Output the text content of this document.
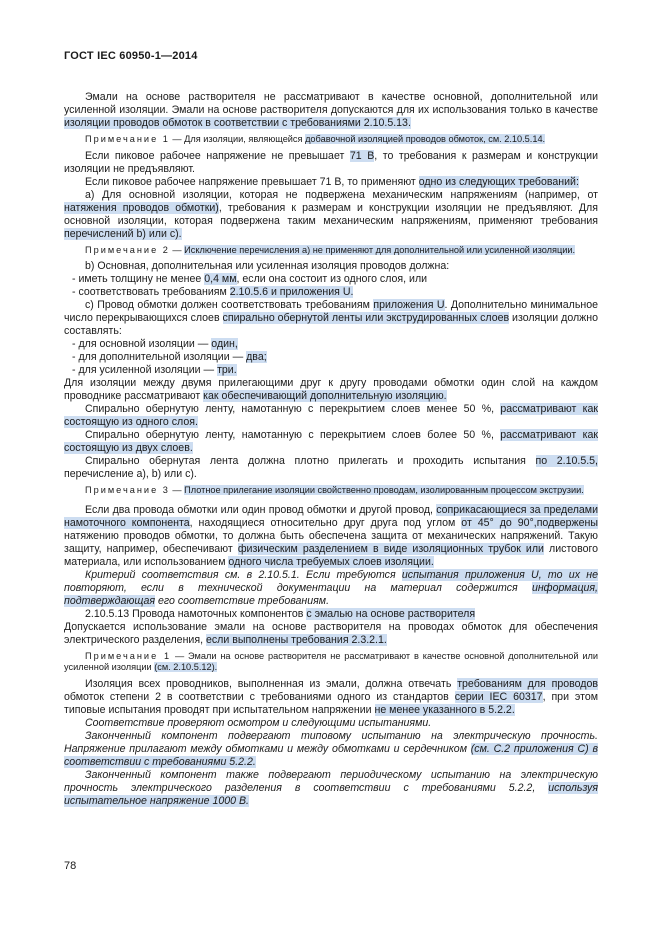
ГОСТ IEC 60950-1—2014

Эмали на основе растворителя не рассматривают в качестве основной, дополнительной или усиленной изоляции. Эмали на основе растворителя допускаются для их использования только в качестве изоляции проводов обмоток в соответствии с требованиями 2.10.5.13.

Примечание 1 — Для изоляции, являющейся добавочной изоляцией проводов обмоток, см. 2.10.5.14.

Если пиковое рабочее напряжение не превышает 71 В, то требования к размерам и конструкции изоляции не предъявляют.

Если пиковое рабочее напряжение превышает 71 В, то применяют одно из следующих требований:

a) Для основной изоляции, которая не подвержена механическим напряжениям (например, от натяжения проводов обмотки), требования к размерам и конструкции изоляции не предъявляют. Для основной изоляции, которая подвержена таким механическим напряжениям, применяют требования перечислений b) или c).

Примечание 2 — Исключение перечисления a) не применяют для дополнительной или усиленной изоляции.

b) Основная, дополнительная или усиленная изоляция проводов должна:

- иметь толщину не менее 0,4 мм, если она состоит из одного слоя, или

- соответствовать требованиям 2.10.5.6 и приложения U.

c) Провод обмотки должен соответствовать требованиям приложения U. Дополнительно минимальное число перекрывающихся слоев спирально обернутой ленты или экструдированных слоев изоляции должно составлять:

- для основной изоляции — один,

- для дополнительной изоляции — два;

- для усиленной изоляции — три.

Для изоляции между двумя прилегающими друг к другу проводами обмотки один слой на каждом проводнике рассматривают как обеспечивающий дополнительную изоляцию.

Спирально обернутую ленту, намотанную с перекрытием слоев менее 50 %, рассматривают как состоящую из одного слоя.

Спирально обернутую ленту, намотанную с перекрытием слоев более 50 %, рассматривают как состоящую из двух слоев.

Спирально обернутая лента должна плотно прилегать и проходить испытания по 2.10.5.5, перечисление a), b) или c).

Примечание 3 — Плотное прилегание изоляции свойственно проводам, изолированным процессом экструзии.

Если два провода обмотки или один провод обмотки и другой провод, соприкасающиеся за пределами намоточного компонента, находящиеся относительно друг друга под углом от 45° до 90°,подвержены натяжению проводов обмотки, то должна быть обеспечена защита от механических напряжений. Такую защиту, например, обеспечивают физическим разделением в виде изоляционных трубок или листового материала, или использованием одного числа требуемых слоев изоляции.

Критерий соответствия см. в 2.10.5.1. Если требуются испытания приложения U, то их не повторяют, если в технической документации на материал содержится информация, подтверждающая его соответствие требованиям.

2.10.5.13 Провода намоточных компонентов с эмалью на основе растворителя

Допускается использование эмали на основе растворителя на проводах обмоток для обеспечения электрического разделения, если выполнены требования 2.3.2.1.

Примечание 1 — Эмали на основе растворителя не рассматривают в качестве основной дополнительной или усиленной изоляции (см. 2.10.5.12).

Изоляция всех проводников, выполненная из эмали, должна отвечать требованиям для проводов обмоток степени 2 в соответствии с требованиями одного из стандартов серии IEC 60317, при этом типовые испытания проводят при испытательном напряжении не менее указанного в 5.2.2.

Соответствие проверяют осмотром и следующими испытаниями.

Законченный компонент подвергают типовому испытанию на электрическую прочность. Напряжение прилагают между обмотками и между обмотками и сердечником (см. С.2 приложения С) в соответствии с требованиями 5.2.2.

Законченный компонент также подвергают периодическому испытанию на электрическую прочность электрического разделения в соответствии с требованиями 5.2.2, используя испытательное напряжение 1000 В.

78
